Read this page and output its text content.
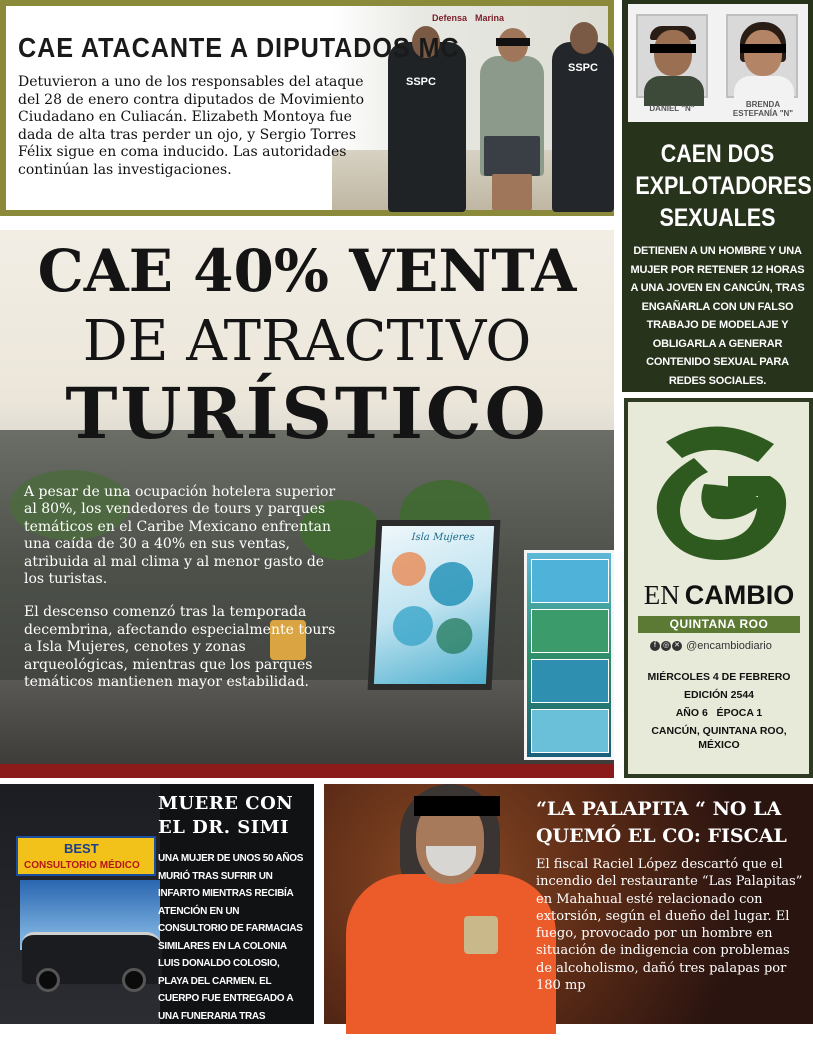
Defensa Marina
SSPC
SSPC
CAE ATACANTE A DIPUTADOS MC

Detuvieron a uno de los responsables del ataque del 28 de enero contra diputados de Movimiento Ciudadano en Culiacán. Elizabeth Montoya fue dada de alta tras perder un ojo, y Sergio Torres Félix sigue en coma inducido. Las autoridades continúan las investigaciones.

DANIEL "N"	BRENDA ESTEFANÍA "N"
CAEN DOS EXPLOTADORES SEXUALES

DETIENEN A UN HOMBRE Y UNA MUJER POR RETENER 12 HORAS A UNA JOVEN EN CANCÚN, TRAS ENGAÑARLA CON UN FALSO TRABAJO DE MODELAJE Y OBLIGARLA A GENERAR CONTENIDO SEXUAL PARA REDES SOCIALES.

EN CAMBIO
QUINTANA ROO
f ◎ ✕ @encambiodiario
MIÉRCOLES 4 DE FEBRERO
EDICIÓN 2544
AÑO 6   ÉPOCA 1
CANCÚN, QUINTANA ROO, MÉXICO
Isla Mujeres
CAE 40% VENTA
DE ATRACTIVO
TURÍSTICO

A pesar de una ocupación hotelera superior al 80%, los vendedores de tours y parques temáticos en el Caribe Mexicano enfrentan una caída de 30 a 40% en sus ventas, atribuida al mal clima y al menor gasto de los turistas.

El descenso comenzó tras la temporada decembrina, afectando especialmente tours a Isla Mujeres, cenotes y zonas arqueológicas, mientras que los parques temáticos mantienen mayor estabilidad.

BEST
CONSULTORIO MÉDICO
MUERE CON EL DR. SIMI

UNA MUJER DE UNOS 50 AÑOS MURIÓ TRAS SUFRIR UN INFARTO MIENTRAS RECIBÍA ATENCIÓN EN UN CONSULTORIO DE FARMACIAS SIMILARES EN LA COLONIA LUIS DONALDO COLOSIO, PLAYA DEL CARMEN. EL CUERPO FUE ENTREGADO A UNA FUNERARIA TRAS CONFIRMARSE QUE SE TRATÓ

“LA PALAPITA “ NO LA QUEMÓ EL CO: FISCAL

El fiscal Raciel López descartó que el incendio del restaurante “Las Palapitas” en Mahahual esté relacionado con extorsión, según el dueño del lugar. El fuego, provocado por un hombre en situación de indigencia con problemas de alcoholismo, dañó tres palapas por 180 mp
